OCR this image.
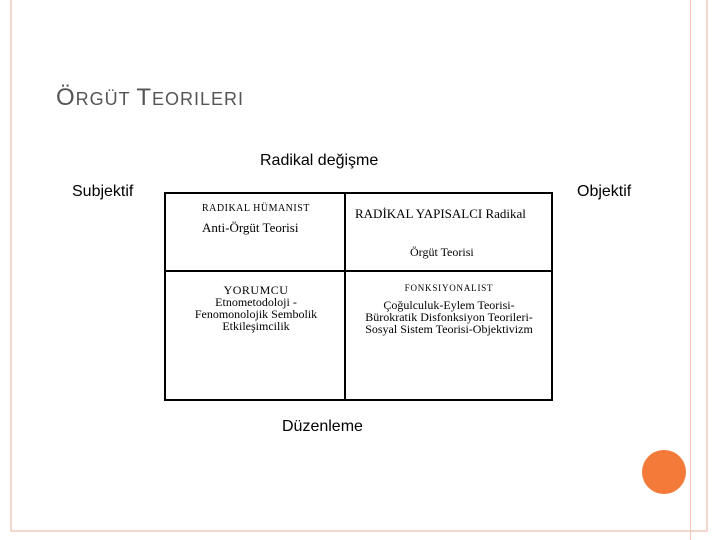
ÖRGÜT TEORILERI
Radikal değişme
Subjektif	Objektif
Düzenleme
RADIKAL HÜMANIST
Anti-Örgüt Teorisi
RADİKAL YAPISALCI Radikal
Örgüt Teorisi
YORUMCU
Etnometodoloji -
Fenomonolojik Sembolik
Etkileşimcilik
FONKSIYONALIST
Çoğulculuk-Eylem Teorisi-
Bürokratik Disfonksiyon Teorileri-
Sosyal Sistem Teorisi-Objektivizm
